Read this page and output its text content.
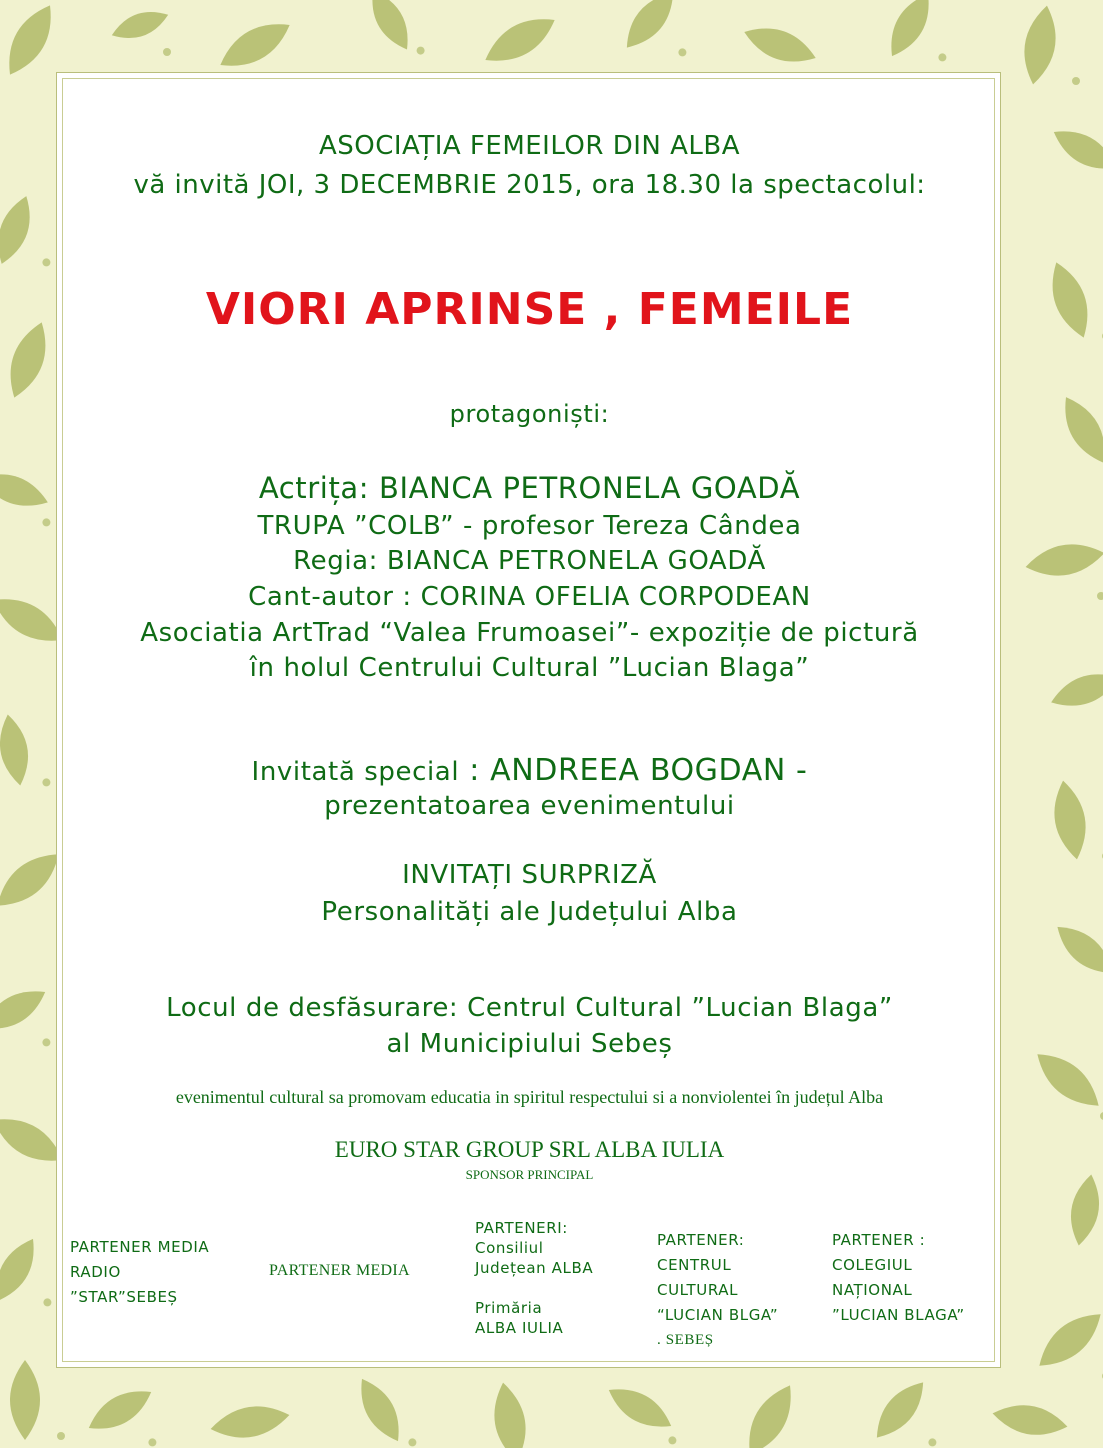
ASOCIAȚIA FEMEILOR DIN ALBA

vă invită JOI, 3 DECEMBRIE 2015, ora 18.30 la spectacolul:

VIORI APRINSE , FEMEILE

protagoniști:

Actrița: BIANCA PETRONELA GOADĂ

TRUPA ”COLB” - profesor Tereza Cândea

Regia: BIANCA PETRONELA GOADĂ

Cant-autor : CORINA OFELIA CORPODEAN

Asociatia ArtTrad “Valea Frumoasei”- expoziție de pictură

în holul Centrului Cultural ”Lucian Blaga”

Invitată special : ANDREEA BOGDAN -

prezentatoarea evenimentului

INVITAȚI SURPRIZĂ

Personalități ale Județului Alba

Locul de desfăsurare: Centrul Cultural ”Lucian Blaga”

al Municipiului Sebeș

evenimentul cultural sa promovam educatia in spiritul respectului si a nonviolentei în județul Alba

EURO STAR GROUP SRL ALBA IULIA

SPONSOR PRINCIPAL

PARTENER MEDIA
RADIO
”STAR”SEBEȘ
PARTENER MEDIA
PARTENERI:
Consiliul
Județean ALBA
Primăria
ALBA IULIA
PARTENER:
CENTRUL
CULTURAL
“LUCIAN BLGA”
. SEBEȘ
PARTENER :
COLEGIUL
NAȚIONAL
”LUCIAN BLAGA”
